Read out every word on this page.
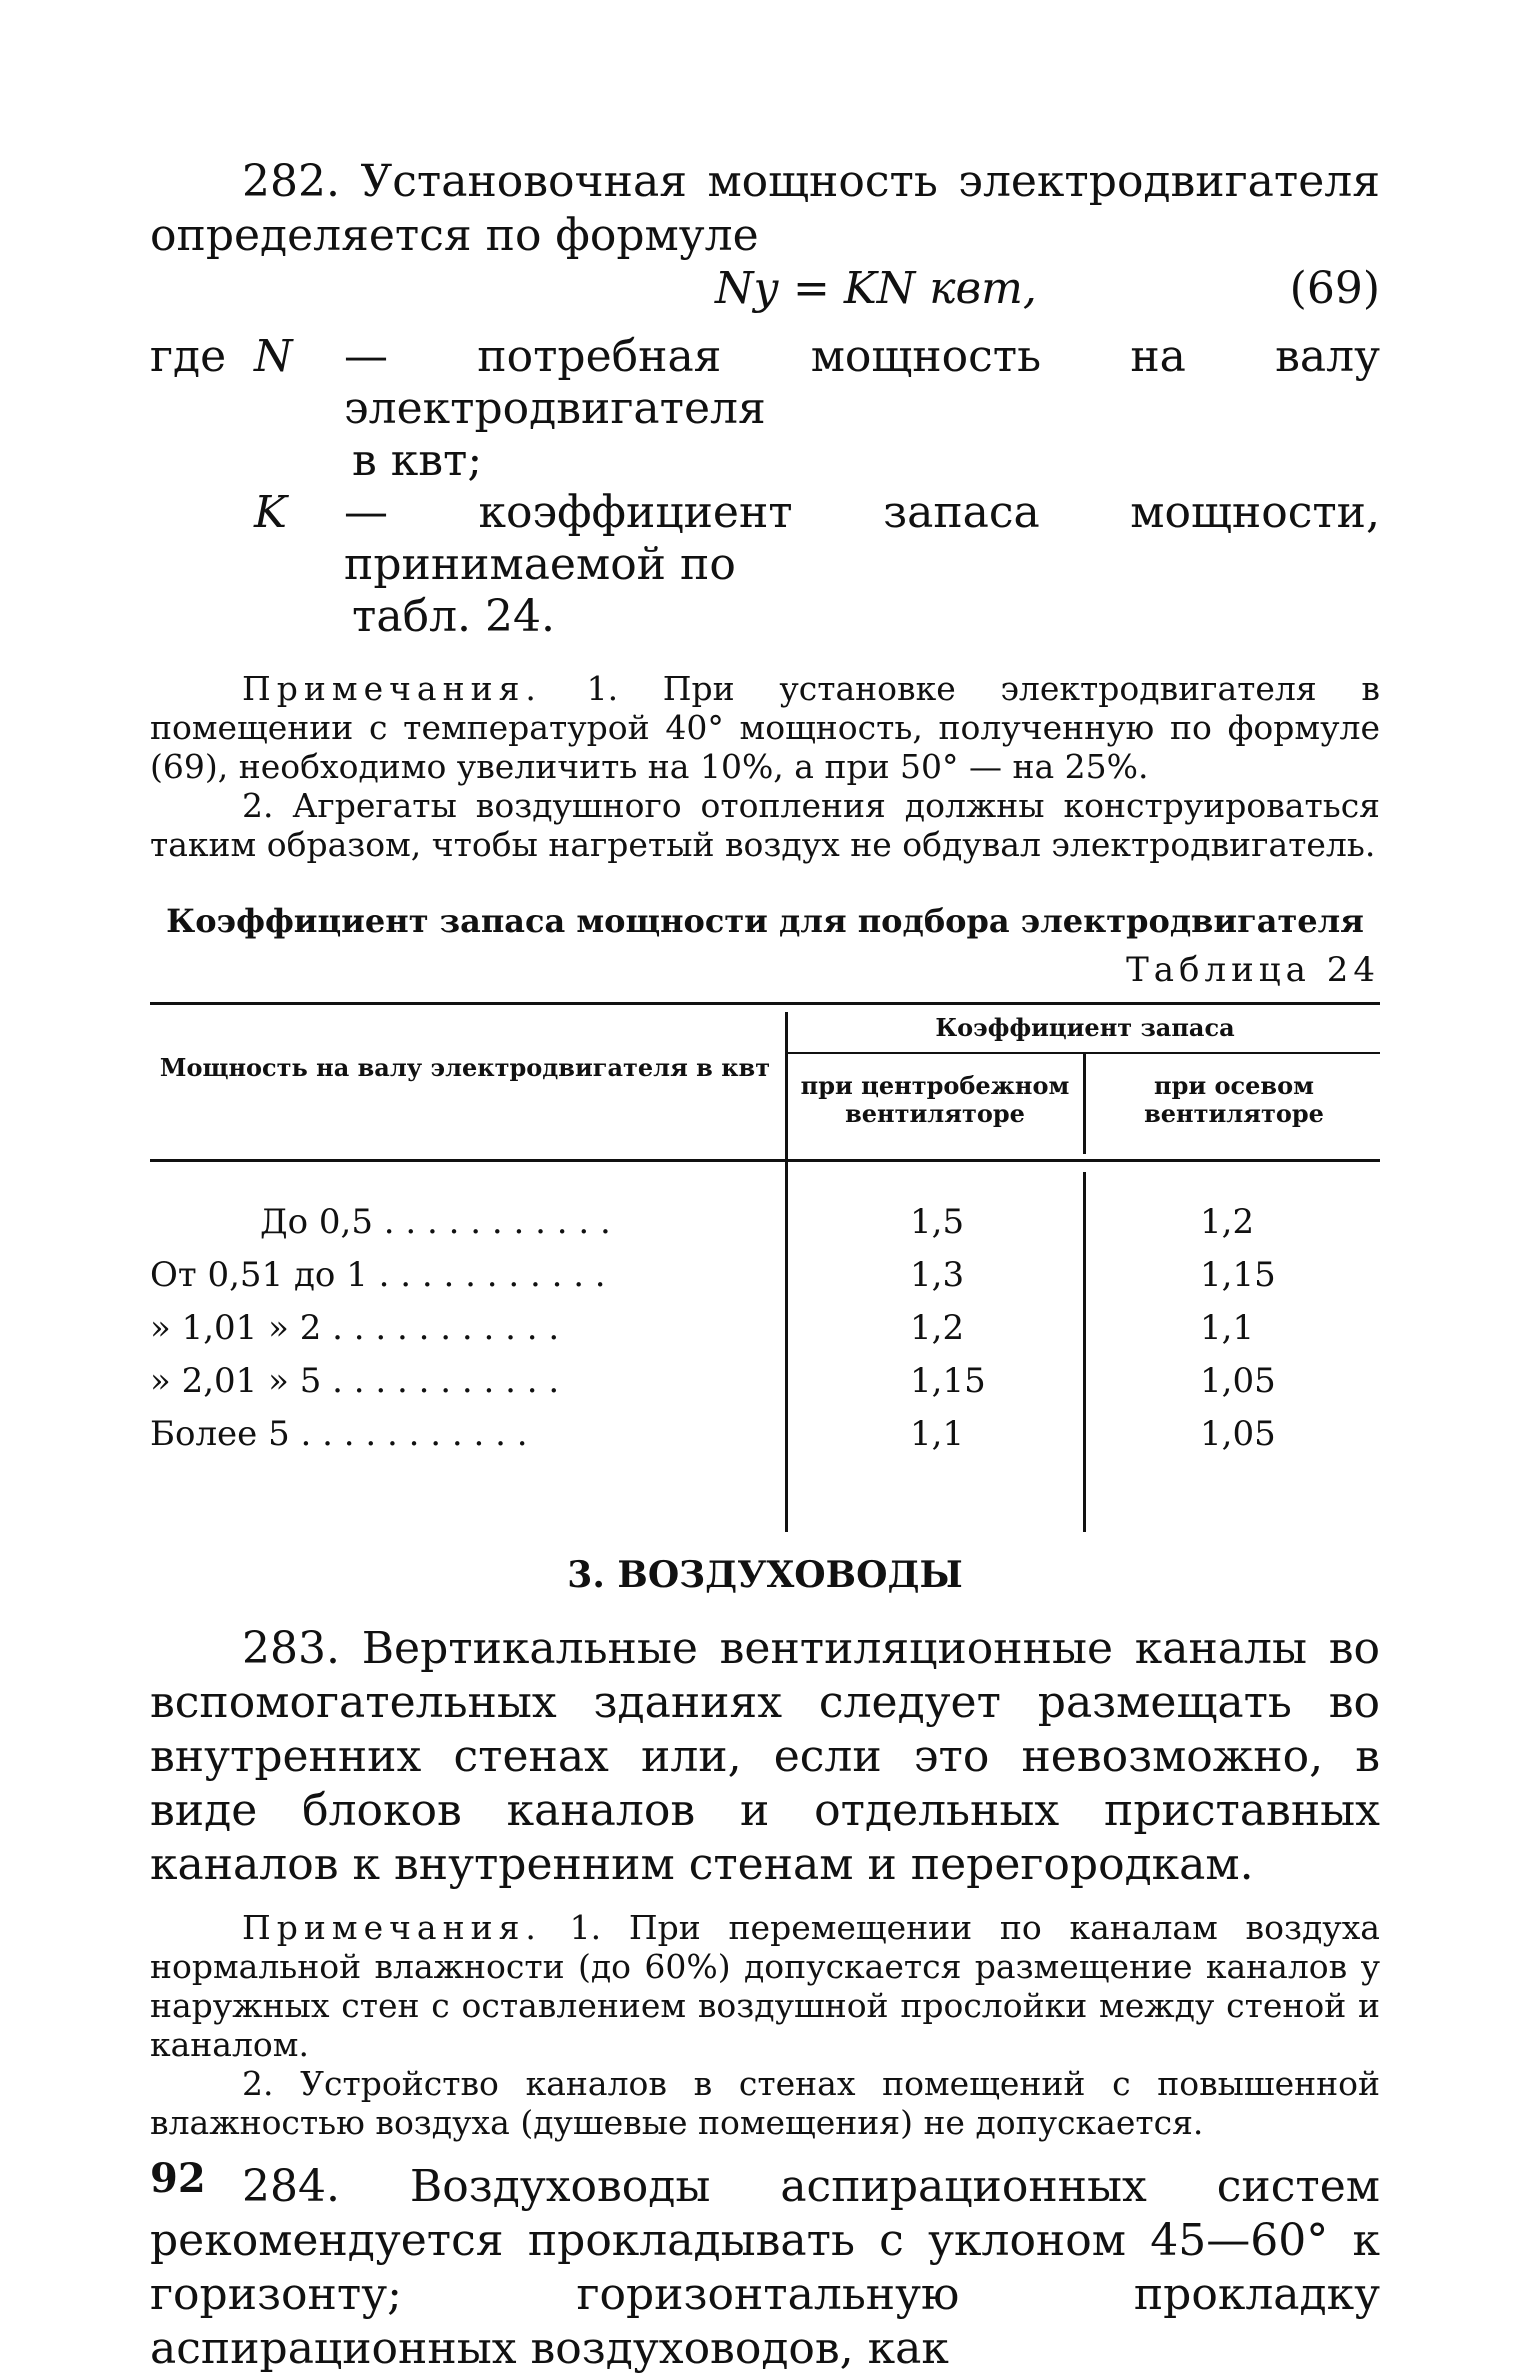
282. Установочная мощность электродвигателя определяется по формуле

Nу = KN квт,	(69)
где N	— потребная мощность на валу электродвигателя
в квт;
K	— коэффициент запаса мощности, принимаемой по
табл. 24.

Примечания. 1. При установке электродвигателя в помещении с температурой 40° мощность, полученную по формуле (69), необходимо увеличить на 10%, а при 50° — на 25%.

2. Агрегаты воздушного отопления должны конструироваться таким образом, чтобы нагретый воздух не обдувал электродвигатель.

Коэффициент запаса мощности для подбора электродвигателя
Таблица 24
Мощность на валу электродвигателя в квт
Коэффициент запаса
при центробежном вентиляторе
при осевом вентиляторе
До 0,5 . . . . . . . . . . .	1,5	1,2
От 0,51 до 1 . . . . . . . . . . .	1,3	1,15
» 1,01 » 2 . . . . . . . . . . .	1,2	1,1
» 2,01 » 5 . . . . . . . . . . .	1,15	1,05
Более 5 . . . . . . . . . . .	1,1	1,05
3. ВОЗДУХОВОДЫ

283. Вертикальные вентиляционные каналы во вспомогательных зданиях следует размещать во внутренних стенах или, если это невозможно, в виде блоков каналов и отдельных приставных каналов к внутренним стенам и перегородкам.

Примечания. 1. При перемещении по каналам воздуха нормальной влажности (до 60%) допускается размещение каналов у наружных стен с оставлением воздушной прослойки между стеной и каналом.

2. Устройство каналов в стенах помещений с повышенной влажностью воздуха (душевые помещения) не допускается.

284. Воздуховоды аспирационных систем рекомендуется прокладывать с уклоном 45—60° к горизонту; горизонтальную прокладку аспирационных воздуховодов, как

92
